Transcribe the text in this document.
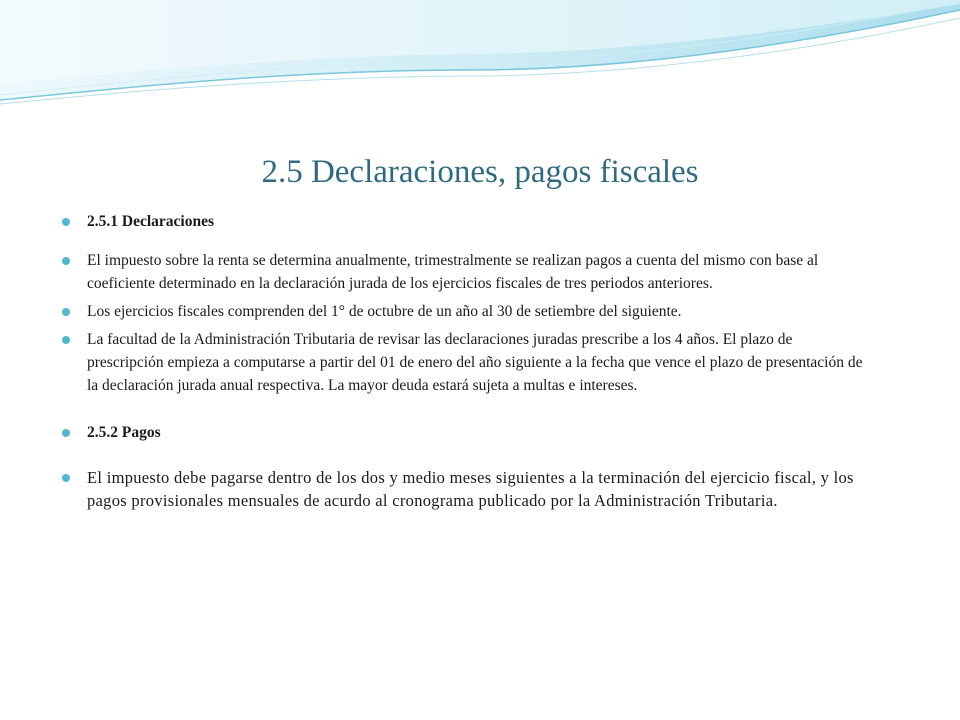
2.5 Declaraciones, pagos fiscales
2.5.1 Declaraciones
El impuesto sobre la renta se determina anualmente, trimestralmente se realizan pagos a cuenta del mismo con base al coeficiente determinado en la declaración jurada de los ejercicios fiscales de tres periodos anteriores.
Los ejercicios fiscales comprenden del 1° de octubre de un año al 30 de setiembre del siguiente.
La facultad de la Administración Tributaria de revisar las declaraciones juradas prescribe a los 4 años. El plazo de prescripción empieza a computarse a partir del 01 de enero del año siguiente a la fecha que vence el plazo de presentación de la declaración jurada anual respectiva. La mayor deuda estará sujeta a multas e intereses.
2.5.2 Pagos
El impuesto debe pagarse dentro de los dos y medio meses siguientes a la terminación del ejercicio fiscal, y los pagos provisionales mensuales de acurdo al cronograma publicado por la Administración Tributaria.
